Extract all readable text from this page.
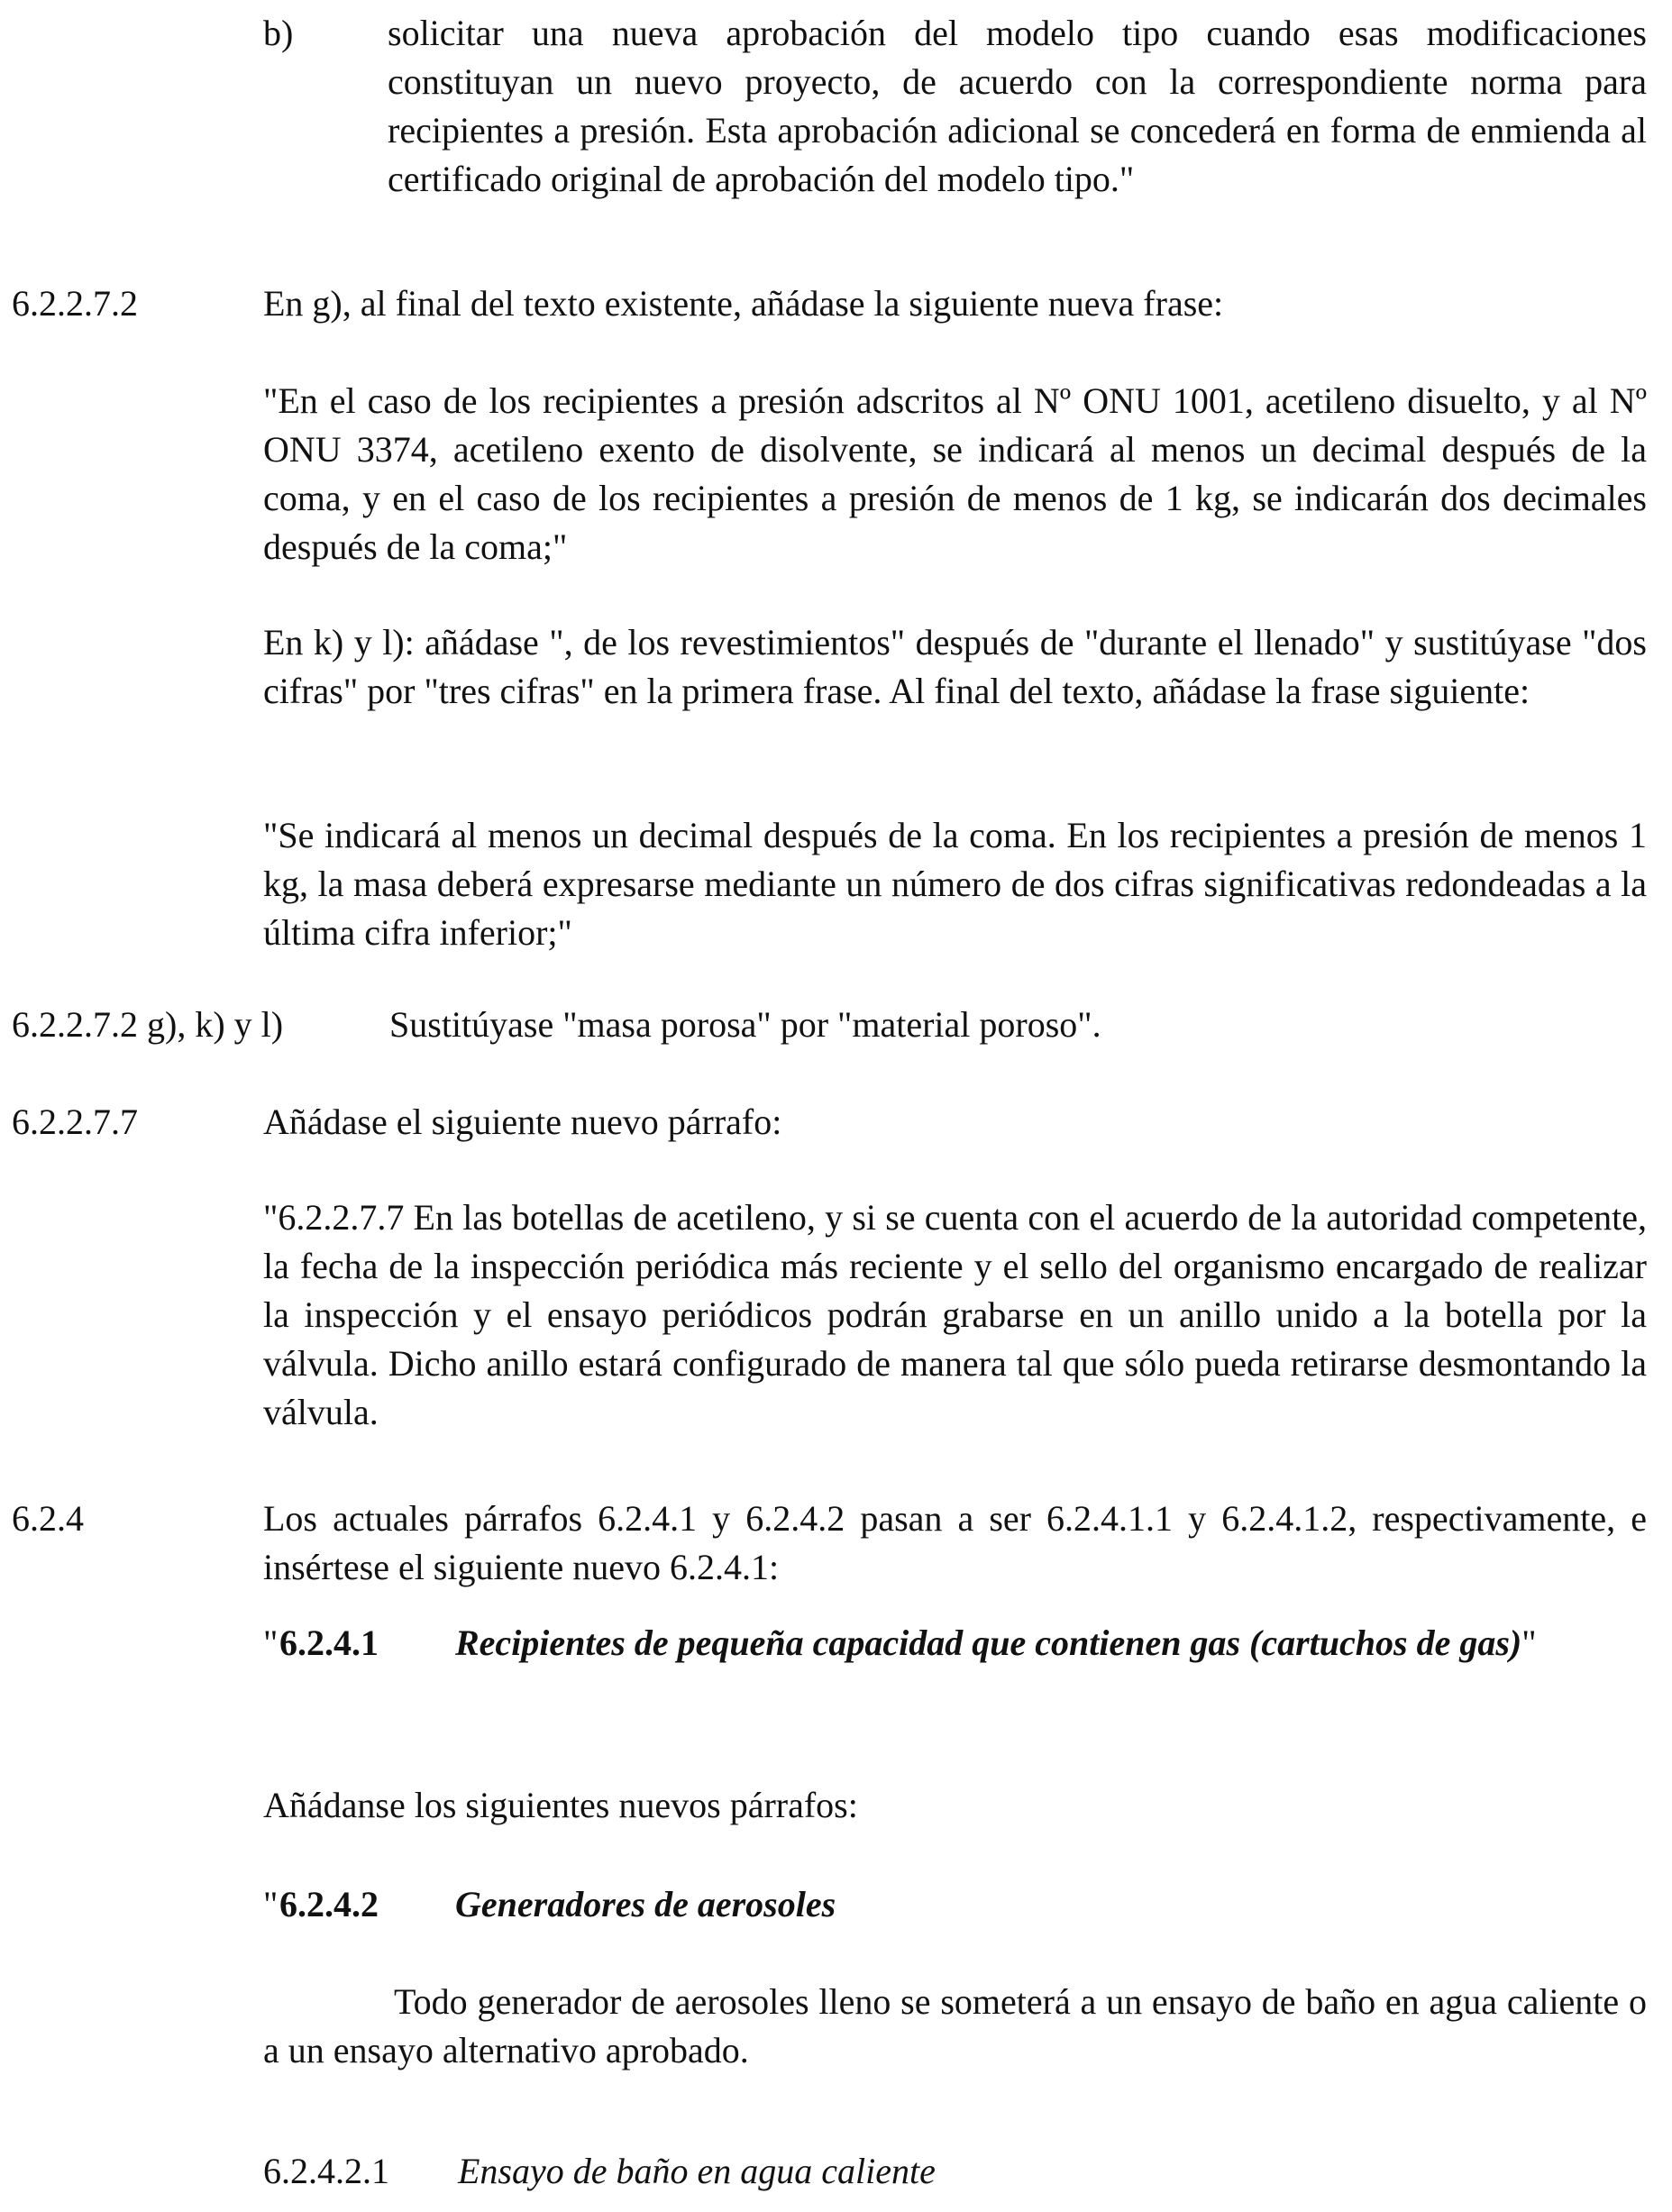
b)	solicitar una nueva aprobación del modelo tipo cuando esas modificaciones constituyan un nuevo proyecto, de acuerdo con la correspondiente norma para recipientes a presión. Esta aprobación adicional se concederá en forma de enmienda al certificado original de aprobación del modelo tipo."
6.2.2.7.2	En g), al final del texto existente, añádase la siguiente nueva frase:
"En el caso de los recipientes a presión adscritos al Nº ONU 1001, acetileno disuelto, y al Nº ONU 3374, acetileno exento de disolvente, se indicará al menos un decimal después de la coma, y en el caso de los recipientes a presión de menos de 1 kg, se indicarán dos decimales después de la coma;"
En k) y l): añádase ", de los revestimientos" después de "durante el llenado" y sustitúyase "dos cifras" por "tres cifras" en la primera frase. Al final del texto, añádase la frase siguiente:
"Se indicará al menos un decimal después de la coma. En los recipientes a presión de menos 1 kg, la masa deberá expresarse mediante un número de dos cifras significativas redondeadas a la última cifra inferior;"
6.2.2.7.2 g), k) y l)	Sustitúyase "masa porosa" por "material poroso".
6.2.2.7.7	Añádase el siguiente nuevo párrafo:
"6.2.2.7.7 En las botellas de acetileno, y si se cuenta con el acuerdo de la autoridad competente, la fecha de la inspección periódica más reciente y el sello del organismo encargado de realizar la inspección y el ensayo periódicos podrán grabarse en un anillo unido a la botella por la válvula. Dicho anillo estará configurado de manera tal que sólo pueda retirarse desmontando la válvula.
6.2.4	Los actuales párrafos 6.2.4.1 y 6.2.4.2 pasan a ser 6.2.4.1.1 y 6.2.4.1.2, respectivamente, e insértese el siguiente nuevo 6.2.4.1:
" 6.2.4.1 Recipientes de pequeña capacidad que contienen gas (cartuchos de gas)"
Añádanse los siguientes nuevos párrafos:
" 6.2.4.2 Generadores de aerosoles
Todo generador de aerosoles lleno se someterá a un ensayo de baño en agua caliente o a un ensayo alternativo aprobado.
6.2.4.2.1 Ensayo de baño en agua caliente
